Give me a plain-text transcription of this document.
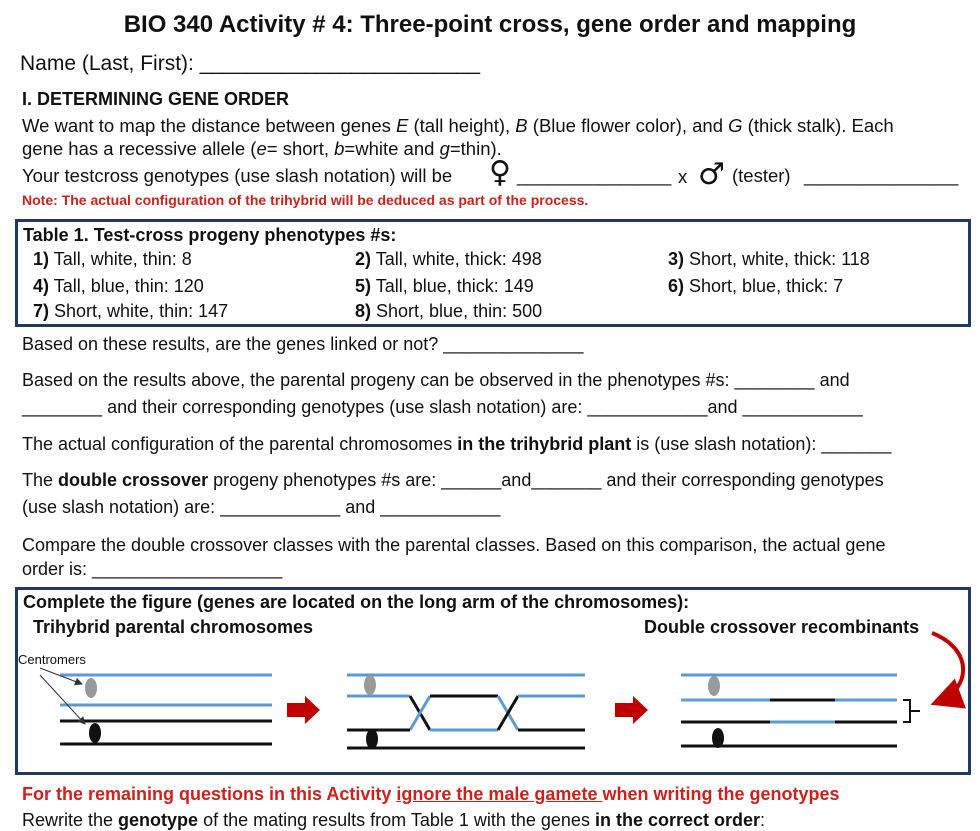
BIO 340 Activity # 4: Three-point cross, gene order and mapping
Name (Last, First): ________________________
I. DETERMINING GENE ORDER
We want to map the distance between genes E (tall height), B (Blue flower color), and G (thick stalk). Each
gene has a recessive allele (e= short, b=white and g=thin).
Your testcross genotypes (use slash notation) will be ♀ _______________ x ♂ (tester) _______________
Note: The actual configuration of the trihybrid will be deduced as part of the process.
Table 1. Test-cross progeny phenotypes #s:
1) Tall, white, thin: 8	2) Tall, white, thick: 498	3) Short, white, thick: 118
4) Tall, blue, thin: 120	5) Tall, blue, thick: 149	6) Short, blue, thick: 7
7) Short, white, thin: 147	8) Short, blue, thin: 500
Based on these results, are the genes linked or not? ______________
Based on the results above, the parental progeny can be observed in the phenotypes #s: ________ and
________ and their corresponding genotypes (use slash notation) are: ____________and ____________
The actual configuration of the parental chromosomes in the trihybrid plant is (use slash notation): _______
The double crossover progeny phenotypes #s are: ______and_______ and their corresponding genotypes
(use slash notation) are: ____________ and ____________
Compare the double crossover classes with the parental classes. Based on this comparison, the actual gene
order is: ___________________
Complete the figure (genes are located on the long arm of the chromosomes):
Trihybrid parental chromosomes	Double crossover recombinants
Centromers
For the remaining questions in this Activity ignore the male gamete when writing the genotypes
Rewrite the genotype of the mating results from Table 1 with the genes in the correct order:
